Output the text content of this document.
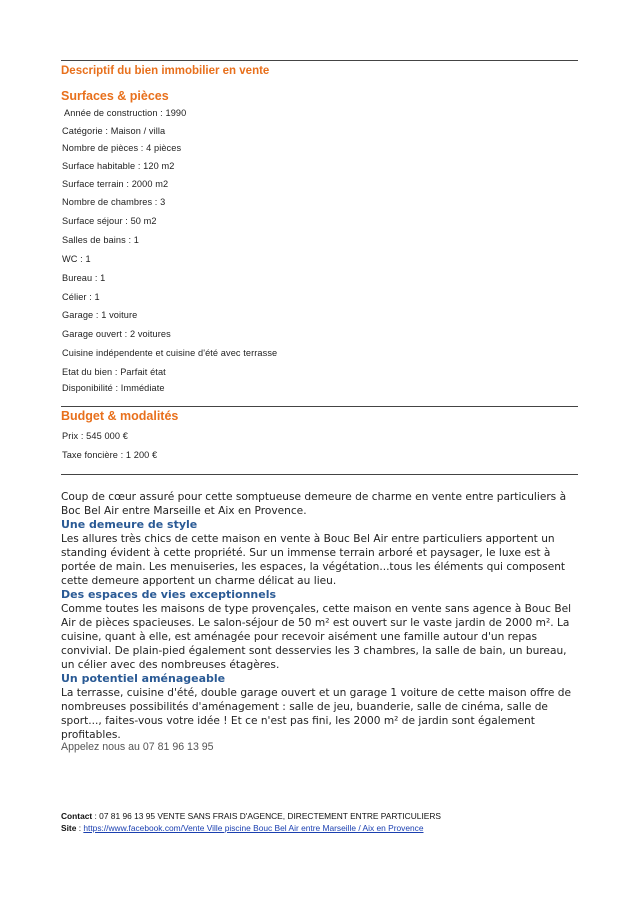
Descriptif du bien immobilier en vente
Surfaces & pièces
Année de construction : 1990
Catégorie : Maison / villa
Nombre de pièces : 4 pièces
Surface habitable : 120 m2
Surface terrain : 2000 m2
Nombre de chambres : 3
Surface séjour : 50 m2
Salles de bains : 1
WC : 1
Bureau : 1
Célier : 1
Garage : 1 voiture
Garage ouvert : 2 voitures
Cuisine indépendente et cuisine d'été avec terrasse
Etat du bien : Parfait état
Disponibilité : Immédiate
Budget & modalités
Prix : 545 000 €
Taxe foncière : 1 200 €

Coup de cœur assuré pour cette somptueuse demeure de charme en vente entre particuliers à Boc Bel Air entre Marseille et Aix en Provence.

Une demeure de style

Les allures très chics de cette maison en vente à Bouc Bel Air entre particuliers apportent un standing évident à cette propriété. Sur un immense terrain arboré et paysager, le luxe est à portée de main. Les menuiseries, les espaces, la végétation...tous les éléments qui composent cette demeure apportent un charme délicat au lieu.

Des espaces de vies exceptionnels

Comme toutes les maisons de type provençales, cette maison en vente sans agence à Bouc Bel Air de pièces spacieuses. Le salon-séjour de 50 m² est ouvert sur le vaste jardin de 2000 m². La cuisine, quant à elle, est aménagée pour recevoir aisément une famille autour d'un repas convivial. De plain-pied également sont desservies les 3 chambres, la salle de bain, un bureau, un célier avec des nombreuses étagères.

Un potentiel aménageable

La terrasse, cuisine d'été, double garage ouvert et un garage 1 voiture de cette maison offre de nombreuses possibilités d'aménagement : salle de jeu, buanderie, salle de cinéma, salle de sport..., faites-vous votre idée ! Et ce n'est pas fini, les 2000 m² de jardin sont également profitables.

Appelez nous au 07 81 96 13 95
Contact : 07 81 96 13 95 VENTE SANS FRAIS D'AGENCE, DIRECTEMENT ENTRE PARTICULIERS
Site : https://www.facebook.com/Vente Ville piscine Bouc Bel Air entre Marseille / Aix en Provence
